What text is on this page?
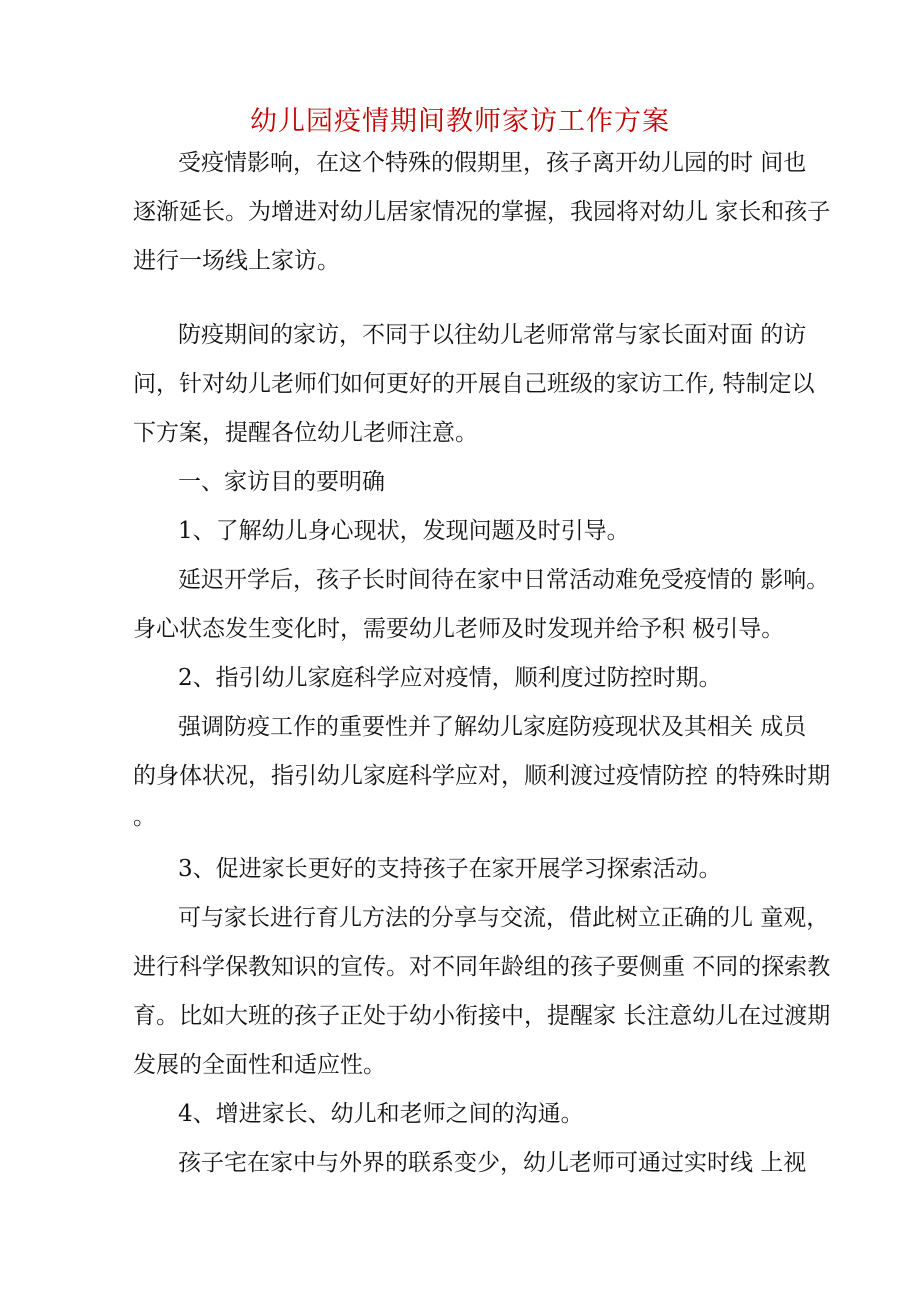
幼儿园疫情期间教师家访工作方案
受疫情影响，在这个特殊的假期里，孩子离开幼儿园的时 间也
逐渐延长。为增进对幼儿居家情况的掌握，我园将对幼儿 家长和孩子
进行一场线上家访。
防疫期间的家访，不同于以往幼儿老师常常与家长面对面 的访
问，针对幼儿老师们如何更好的开展自己班级的家访工作, 特制定以
下方案，提醒各位幼儿老师注意。
一、家访目的要明确
1、了解幼儿身心现状，发现问题及时引导。
延迟开学后，孩子长时间待在家中日常活动难免受疫情的 影响。
身心状态发生变化时，需要幼儿老师及时发现并给予积 极引导。
2、指引幼儿家庭科学应对疫情，顺利度过防控时期。
强调防疫工作的重要性并了解幼儿家庭防疫现状及其相关 成员
的身体状况，指引幼儿家庭科学应对，顺利渡过疫情防控 的特殊时期
。
3、促进家长更好的支持孩子在家开展学习探索活动。
可与家长进行育儿方法的分享与交流，借此树立正确的儿 童观，
进行科学保教知识的宣传。对不同年龄组的孩子要侧重 不同的探索教
育。比如大班的孩子正处于幼小衔接中，提醒家 长注意幼儿在过渡期
发展的全面性和适应性。
4、增进家长、幼儿和老师之间的沟通。
孩子宅在家中与外界的联系变少，幼儿老师可通过实时线 上视
